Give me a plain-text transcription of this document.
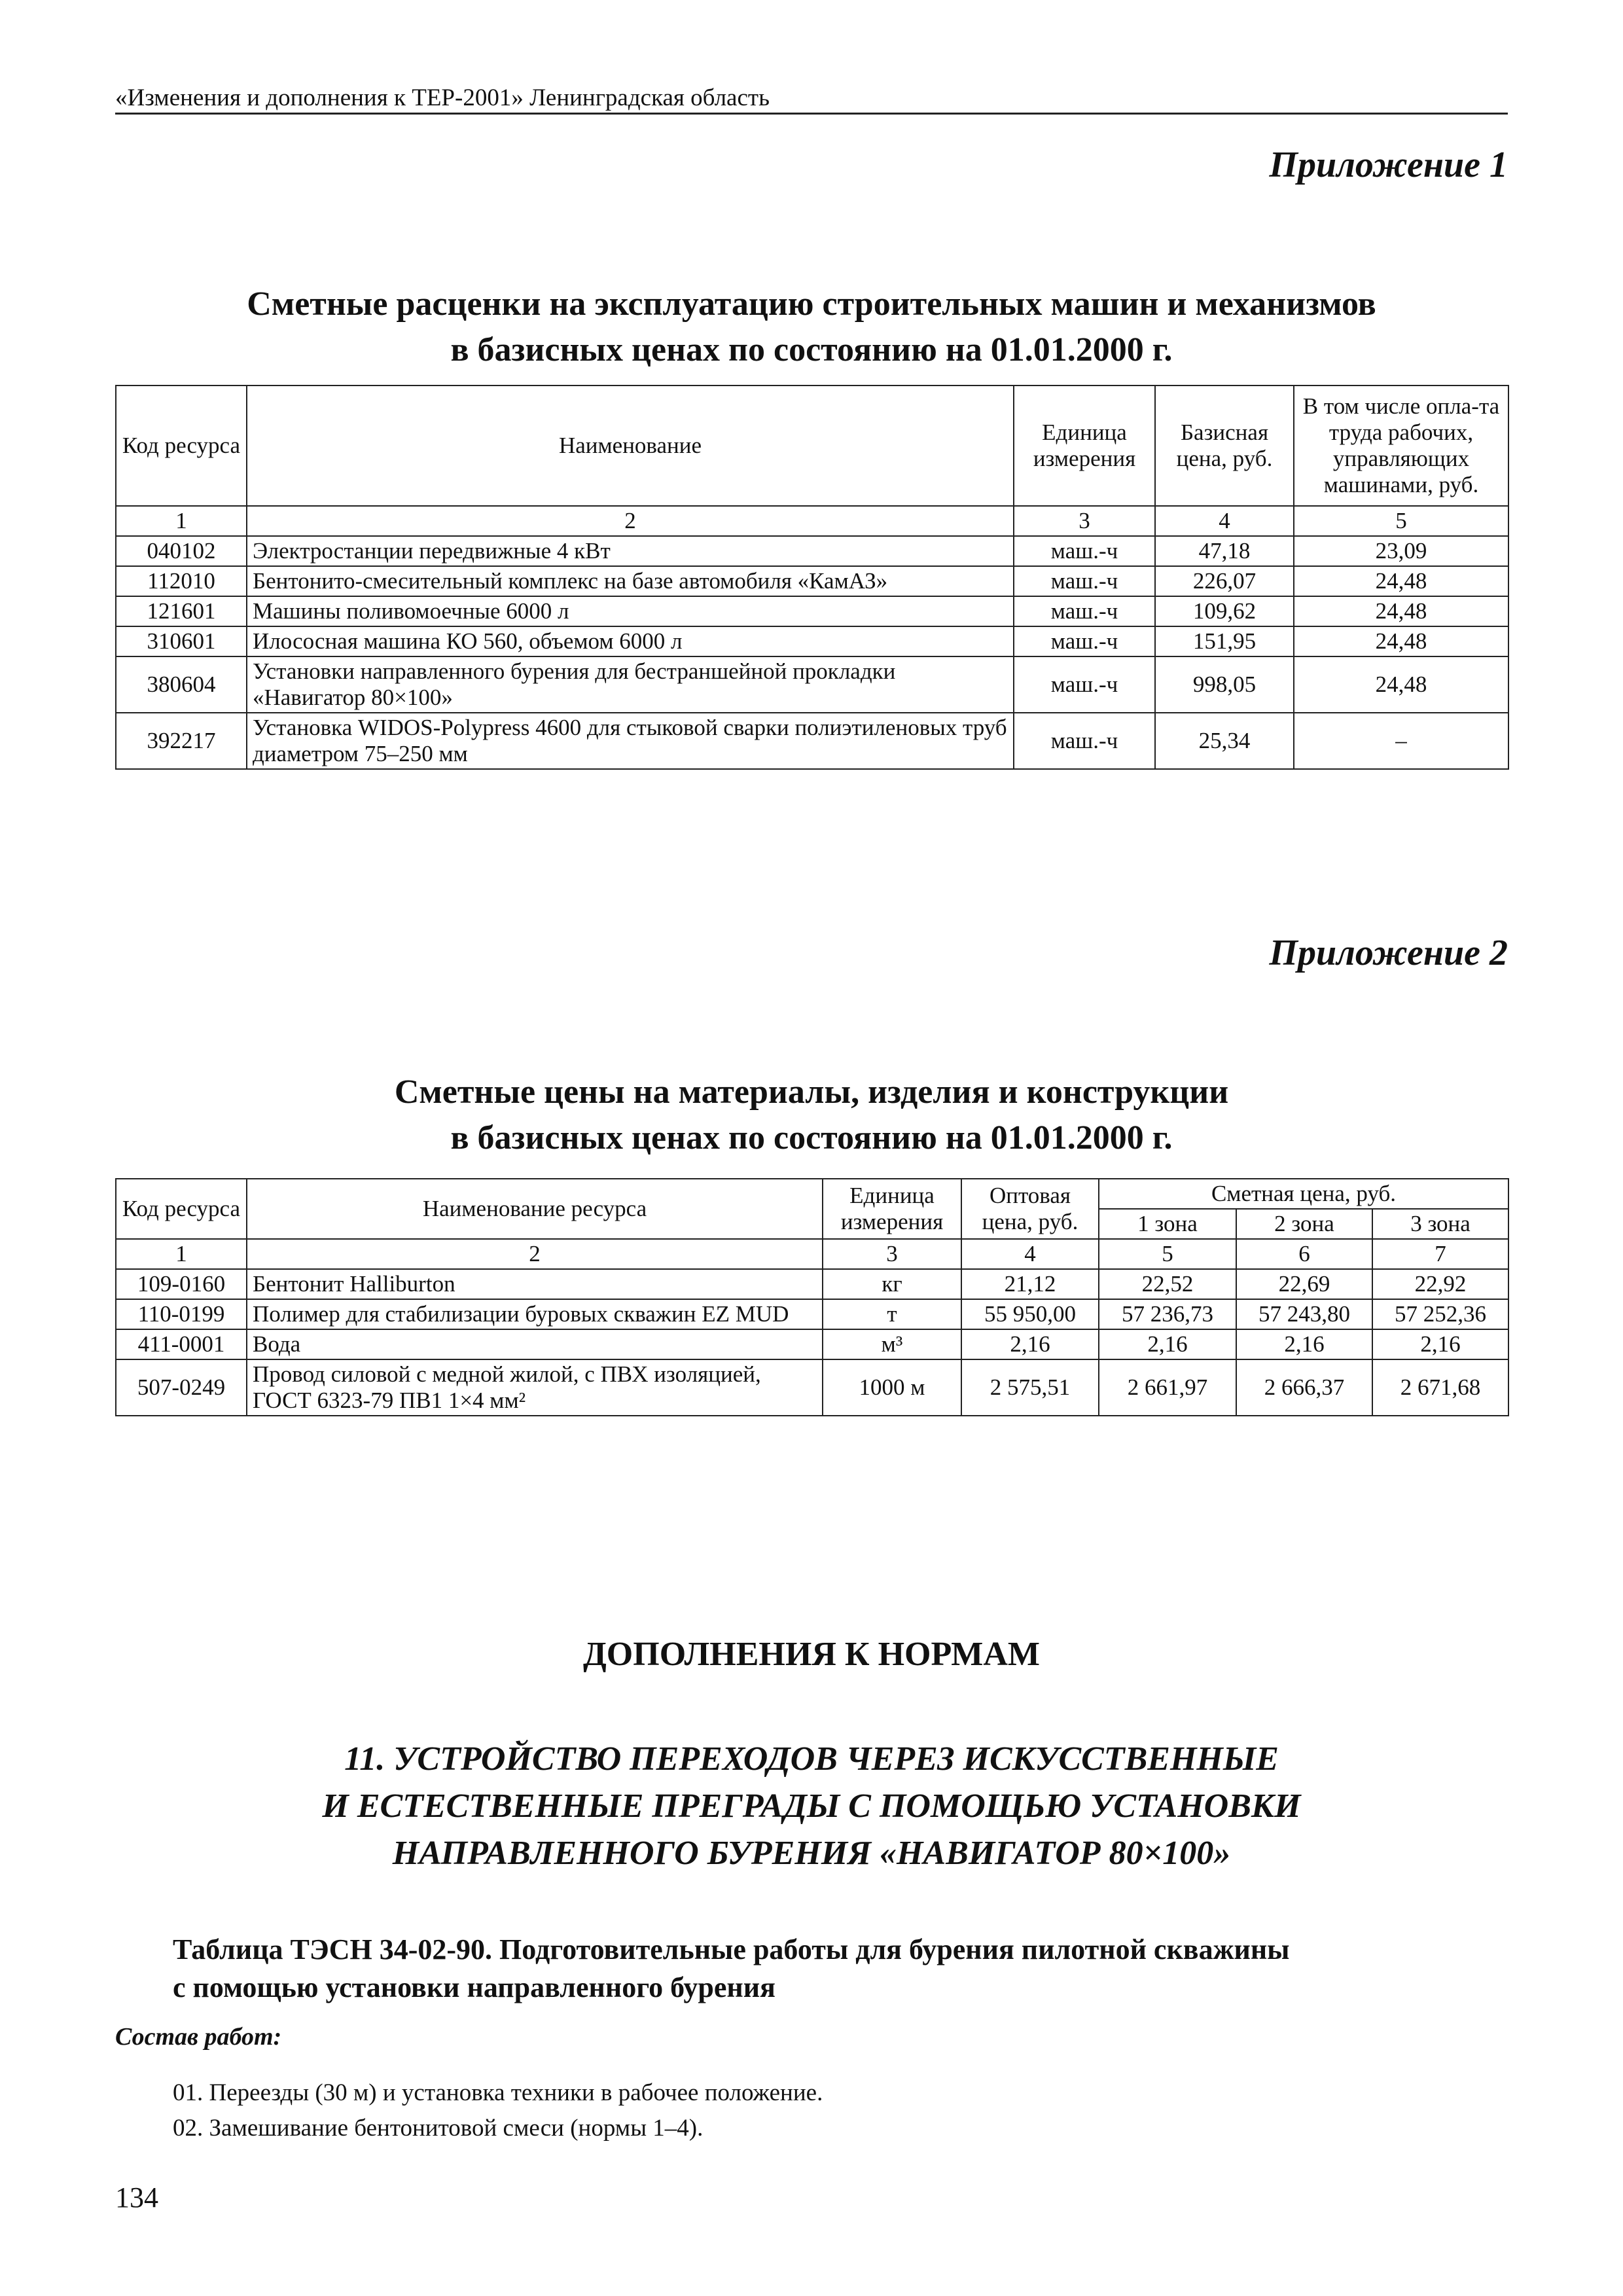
«Изменения и дополнения к ТЕР-2001» Ленинградская область
Приложение 1
Сметные расценки на эксплуатацию строительных машин и механизмов
в базисных ценах по состоянию на 01.01.2000 г.
Код ресурса	Наименование	Единица измерения	Базисная цена, руб.	В том числе опла-та труда рабочих, управляющих машинами, руб.
1	2	3	4	5
040102	Электростанции передвижные 4 кВт	маш.-ч	47,18	23,09
112010	Бентонито-смесительный комплекс на базе автомобиля «КамАЗ»	маш.-ч	226,07	24,48
121601	Машины поливомоечные 6000 л	маш.-ч	109,62	24,48
310601	Илососная машина КО 560, объемом 6000 л	маш.-ч	151,95	24,48
380604	Установки направленного бурения для бестраншейной прокладки «Навигатор 80×100»	маш.-ч	998,05	24,48
392217	Установка WIDOS-Polypress 4600 для стыковой сварки полиэтиленовых труб диаметром 75–250 мм	маш.-ч	25,34	–
Приложение 2
Сметные цены на материалы, изделия и конструкции
в базисных ценах по состоянию на 01.01.2000 г.
Код ресурса	Наименование ресурса	Единица измерения	Оптовая цена, руб.	Сметная цена, руб.		
				1 зона	2 зона	3 зона
1	2	3	4	5	6	7
109-0160	Бентонит Halliburton	кг	21,12	22,52	22,69	22,92
110-0199	Полимер для стабилизации буровых скважин EZ MUD	т	55 950,00	57 236,73	57 243,80	57 252,36
411-0001	Вода	м³	2,16	2,16	2,16	2,16
507-0249	Провод силовой с медной жилой, с ПВХ изоляцией, ГОСТ 6323-79 ПВ1 1×4 мм²	1000 м	2 575,51	2 661,97	2 666,37	2 671,68
ДОПОЛНЕНИЯ К НОРМАМ
11. УСТРОЙСТВО ПЕРЕХОДОВ ЧЕРЕЗ ИСКУССТВЕННЫЕ
И ЕСТЕСТВЕННЫЕ ПРЕГРАДЫ С ПОМОЩЬЮ УСТАНОВКИ
НАПРАВЛЕННОГО БУРЕНИЯ «НАВИГАТОР 80×100»
Таблица ТЭСН 34-02-90. Подготовительные работы для бурения пилотной скважины
с помощью установки направленного бурения
Состав работ:
01. Переезды (30 м) и установка техники в рабочее положение.
02. Замешивание бентонитовой смеси (нормы 1–4).
134
